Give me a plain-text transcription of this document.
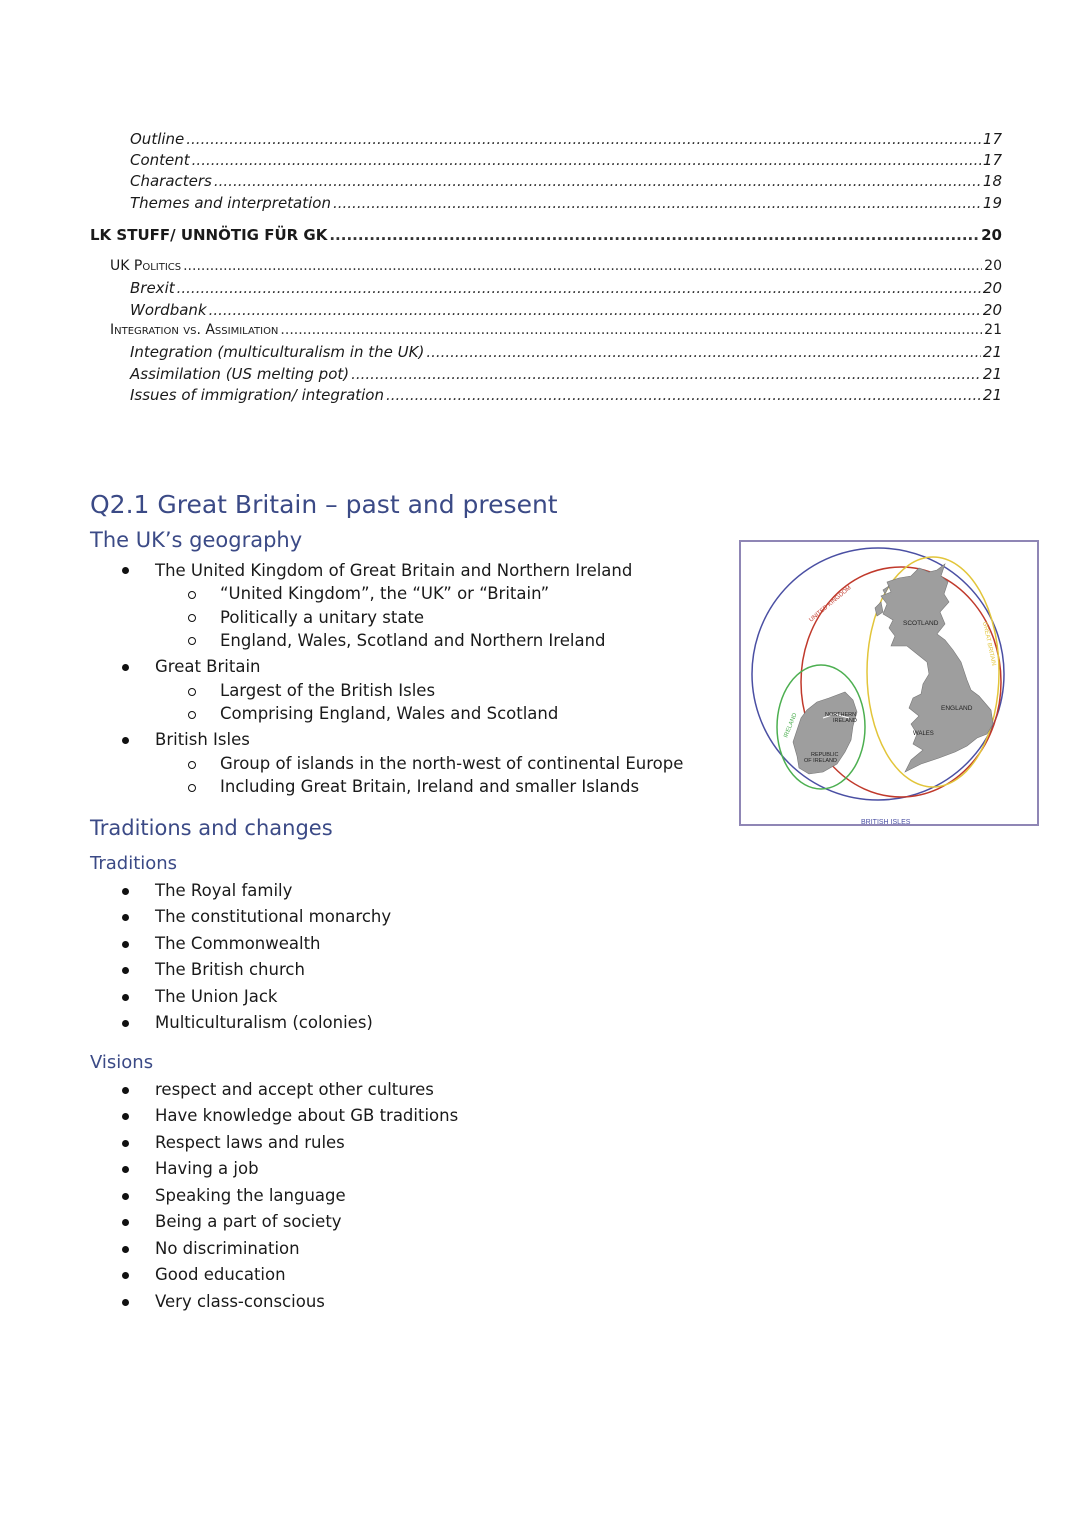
Outline .....	17
Content .....	17
Characters .....	18
Themes and interpretation .....	19
LK STUFF/ UNNÖTIG FÜR GK .....	20
UK Politics .....	20
Brexit .....	20
Wordbank .....	20
Integration vs. Assimilation .....	21
Integration (multiculturalism in the UK) .....	21
Assimilation (US melting pot) .....	21
Issues of immigration/ integration .....	21
Q2.1 Great Britain – past and present
The UK’s geography
The United Kingdom of Great Britain and Northern Ireland
“United Kingdom”, the “UK” or “Britain”
Politically a unitary state
England, Wales, Scotland and Northern Ireland
Great Britain
Largest of the British Isles
Comprising England, Wales and Scotland
British Isles
Group of islands in the north-west of continental Europe
Including Great Britain, Ireland and smaller Islands
UNITED KINGDOM
GREAT BRITAIN
IRELAND
BRITISH ISLES
SCOTLAND
ENGLAND
WALES
NORTHERN
IRELAND
REPUBLIC
OF IRELAND
Traditions and changes
Traditions
The Royal family
The constitutional monarchy
The Commonwealth
The British church
The Union Jack
Multiculturalism (colonies)
Visions
respect and accept other cultures
Have knowledge about GB traditions
Respect laws and rules
Having a job
Speaking the language
Being a part of society
No discrimination
Good education
Very class-conscious
